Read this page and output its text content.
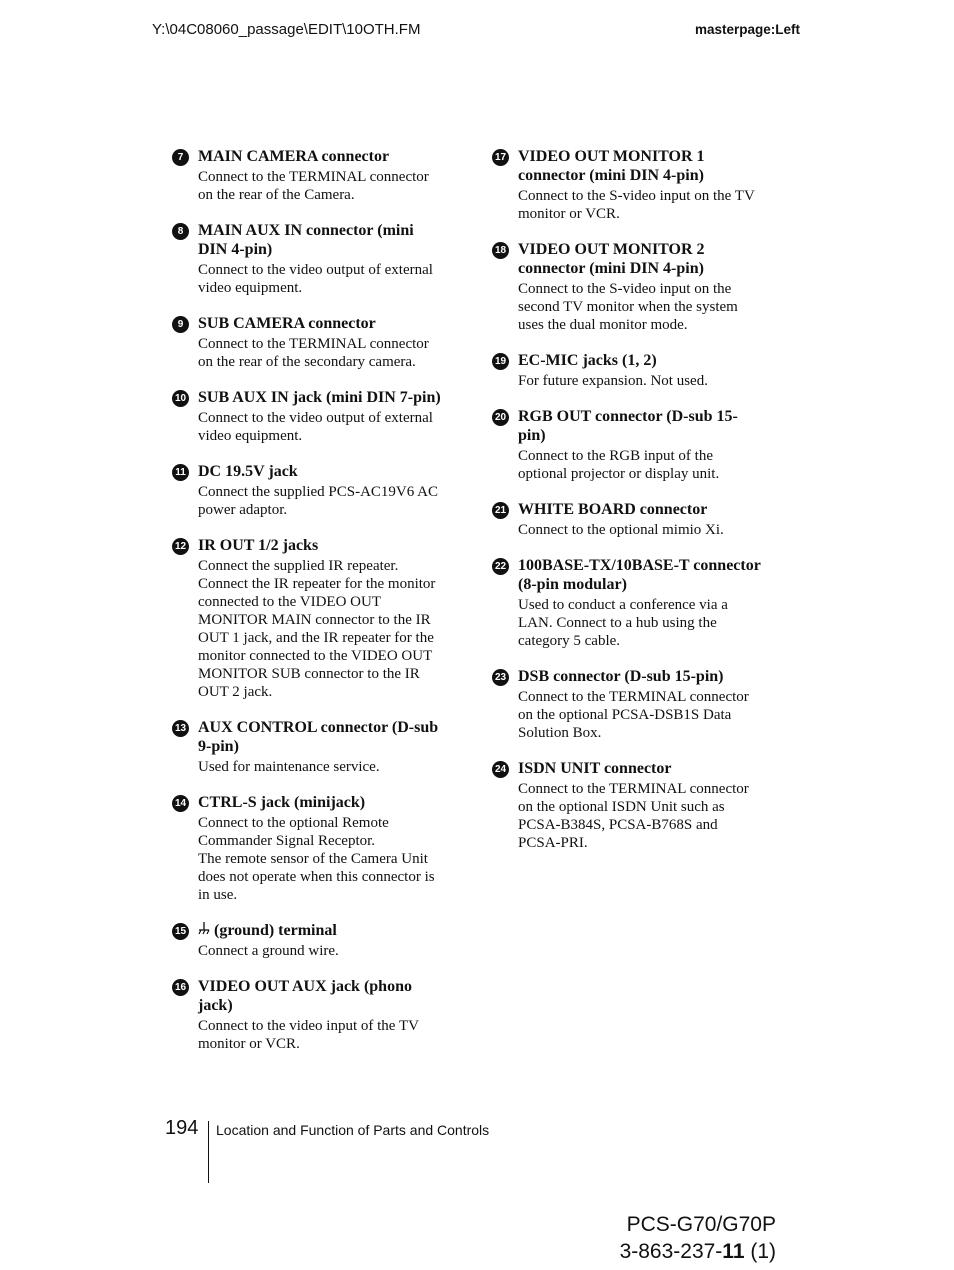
Y:\04C08060_passage\EDIT\10OTH.FM	masterpage:Left
7 MAIN CAMERA connector
Connect to the TERMINAL connector
on the rear of the Camera.
8 MAIN AUX IN connector (mini
DIN 4-pin)
Connect to the video output of external
video equipment.
9 SUB CAMERA connector
Connect to the TERMINAL connector
on the rear of the secondary camera.
10 SUB AUX IN jack (mini DIN 7-pin)
Connect to the video output of external
video equipment.
11 DC 19.5V jack
Connect the supplied PCS-AC19V6 AC
power adaptor.
12 IR OUT 1/2 jacks
Connect the supplied IR repeater.
Connect the IR repeater for the monitor
connected to the VIDEO OUT
MONITOR MAIN connector to the IR
OUT 1 jack, and the IR repeater for the
monitor connected to the VIDEO OUT
MONITOR SUB connector to the IR
OUT 2 jack.
13 AUX CONTROL connector (D-sub
9-pin)
Used for maintenance service.
14 CTRL-S jack (minijack)
Connect to the optional Remote
Commander Signal Receptor.
The remote sensor of the Camera Unit
does not operate when this connector is
in use.
15	(ground) terminal
Connect a ground wire.
16 VIDEO OUT AUX jack (phono
jack)
Connect to the video input of the TV
monitor or VCR.
17 VIDEO OUT MONITOR 1
connector (mini DIN 4-pin)
Connect to the S-video input on the TV
monitor or VCR.
18 VIDEO OUT MONITOR 2
connector (mini DIN 4-pin)
Connect to the S-video input on the
second TV monitor when the system
uses the dual monitor mode.
19 EC-MIC jacks (1, 2)
For future expansion. Not used.
20 RGB OUT connector (D-sub 15-
pin)
Connect to the RGB input of the
optional projector or display unit.
21 WHITE BOARD connector
Connect to the optional mimio Xi.
22 100BASE-TX/10BASE-T connector
(8-pin modular)
Used to conduct a conference via a
LAN. Connect to a hub using the
category 5 cable.
23 DSB connector (D-sub 15-pin)
Connect to the TERMINAL connector
on the optional PCSA-DSB1S Data
Solution Box.
24 ISDN UNIT connector
Connect to the TERMINAL connector
on the optional ISDN Unit such as
PCSA-B384S, PCSA-B768S and
PCSA-PRI.
194 Location and Function of Parts and Controls
PCS-G70/G70P
3-863-237-11 (1)
